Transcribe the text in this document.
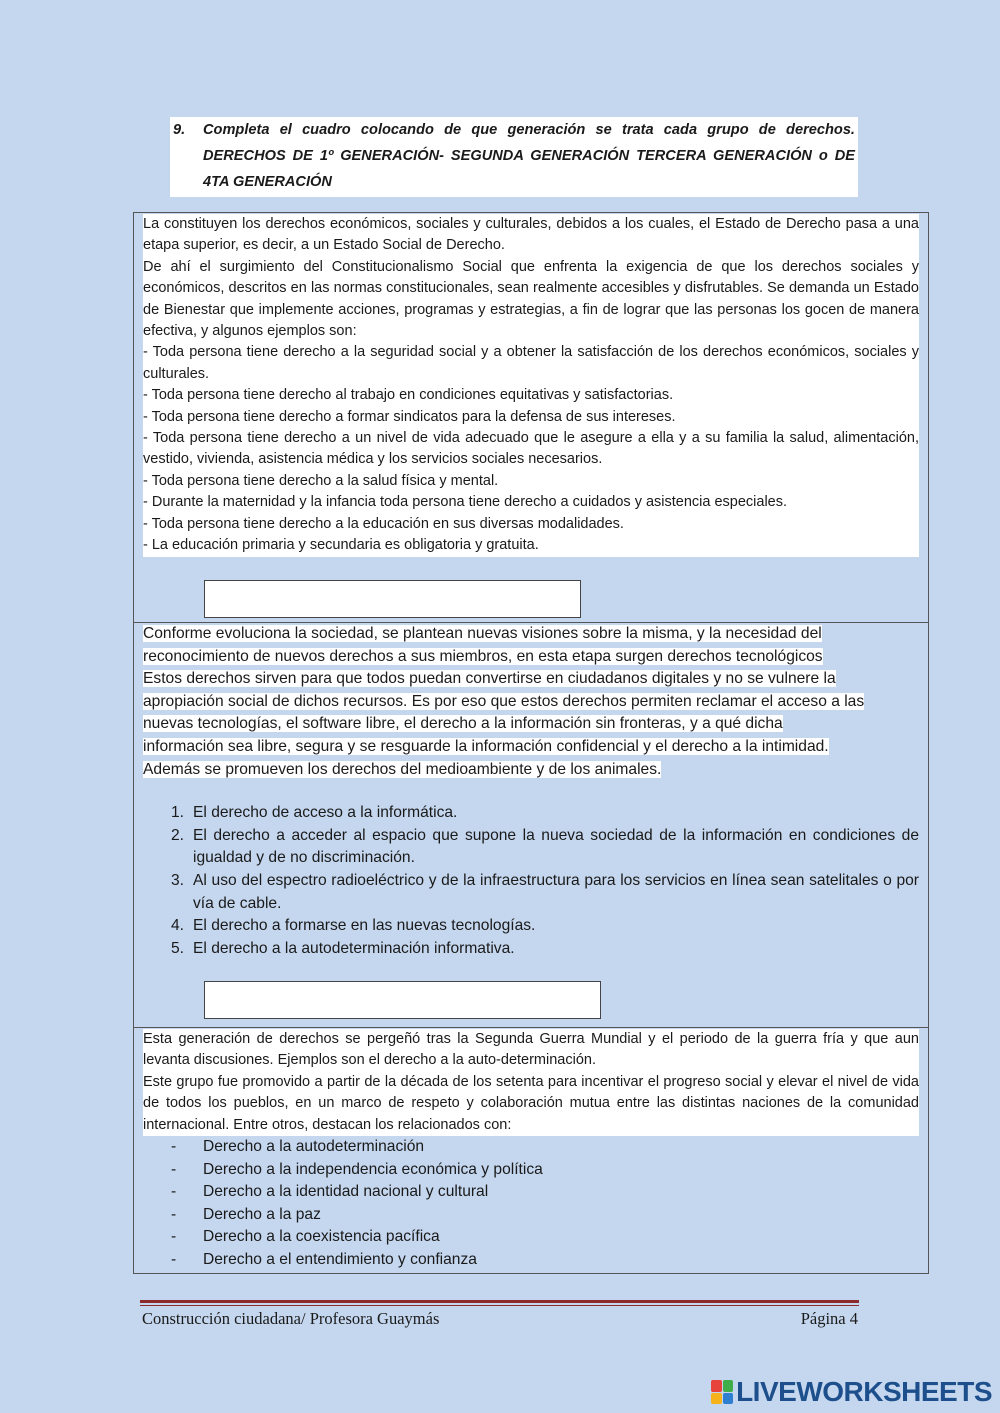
9.	Completa el cuadro colocando de que generación se trata cada grupo de derechos. DERECHOS DE 1º GENERACIÓN- SEGUNDA GENERACIÓN TERCERA GENERACIÓN o DE 4TA GENERACIÓN

La constituyen los derechos económicos, sociales y culturales, debidos a los cuales, el Estado de Derecho pasa a una etapa superior, es decir, a un Estado Social de Derecho.

De ahí el surgimiento del Constitucionalismo Social que enfrenta la exigencia de que los derechos sociales y económicos, descritos en las normas constitucionales, sean realmente accesibles y disfrutables. Se demanda un Estado de Bienestar que implemente acciones, programas y estrategias, a fin de lograr que las personas los gocen de manera efectiva, y algunos ejemplos son:

- Toda persona tiene derecho a la seguridad social y a obtener la satisfacción de los derechos económicos, sociales y culturales.

- Toda persona tiene derecho al trabajo en condiciones equitativas y satisfactorias.

- Toda persona tiene derecho a formar sindicatos para la defensa de sus intereses.

- Toda persona tiene derecho a un nivel de vida adecuado que le asegure a ella y a su familia la salud, alimentación, vestido, vivienda, asistencia médica y los servicios sociales necesarios.

- Toda persona tiene derecho a la salud física y mental.

- Durante la maternidad y la infancia toda persona tiene derecho a cuidados y asistencia especiales.

- Toda persona tiene derecho a la educación en sus diversas modalidades.

- La educación primaria y secundaria es obligatoria y gratuita.

Conforme evoluciona la sociedad, se plantean nuevas visiones sobre la misma, y la necesidad del

reconocimiento de nuevos derechos a sus miembros, en esta etapa surgen derechos tecnológicos

Estos derechos sirven para que todos puedan convertirse en ciudadanos digitales y no se vulnere la

apropiación social de dichos recursos. Es por eso que estos derechos permiten reclamar el acceso a las

nuevas tecnologías, el software libre, el derecho a la información sin fronteras, y a qué dicha

información sea libre, segura y se resguarde la información confidencial y el derecho a la intimidad.

Además se promueven los derechos del medioambiente y de los animales.

1. El derecho de acceso a la informática.
2. El derecho a acceder al espacio que supone la nueva sociedad de la información en condiciones de igualdad y de no discriminación.
3. Al uso del espectro radioeléctrico y de la infraestructura para los servicios en línea sean satelitales o por vía de cable.
4. El derecho a formarse en las nuevas tecnologías.
5. El derecho a la autodeterminación informativa.

Esta generación de derechos se pergeñó tras la Segunda Guerra Mundial y el periodo de la guerra fría y que aun levanta discusiones. Ejemplos son el derecho a la auto-determinación.

Este grupo fue promovido a partir de la década de los setenta para incentivar el progreso social y elevar el nivel de vida de todos los pueblos, en un marco de respeto y colaboración mutua entre las distintas naciones de la comunidad internacional. Entre otros, destacan los relacionados con:

-	Derecho a la autodeterminación
-	Derecho a la independencia económica y política
-	Derecho a la identidad nacional y cultural
-	Derecho a la paz
-	Derecho a la coexistencia pacífica
-	Derecho a el entendimiento y confianza
Construcción ciudadana/ Profesora Guaymás	Página 4
LIVEWORKSHEETS
